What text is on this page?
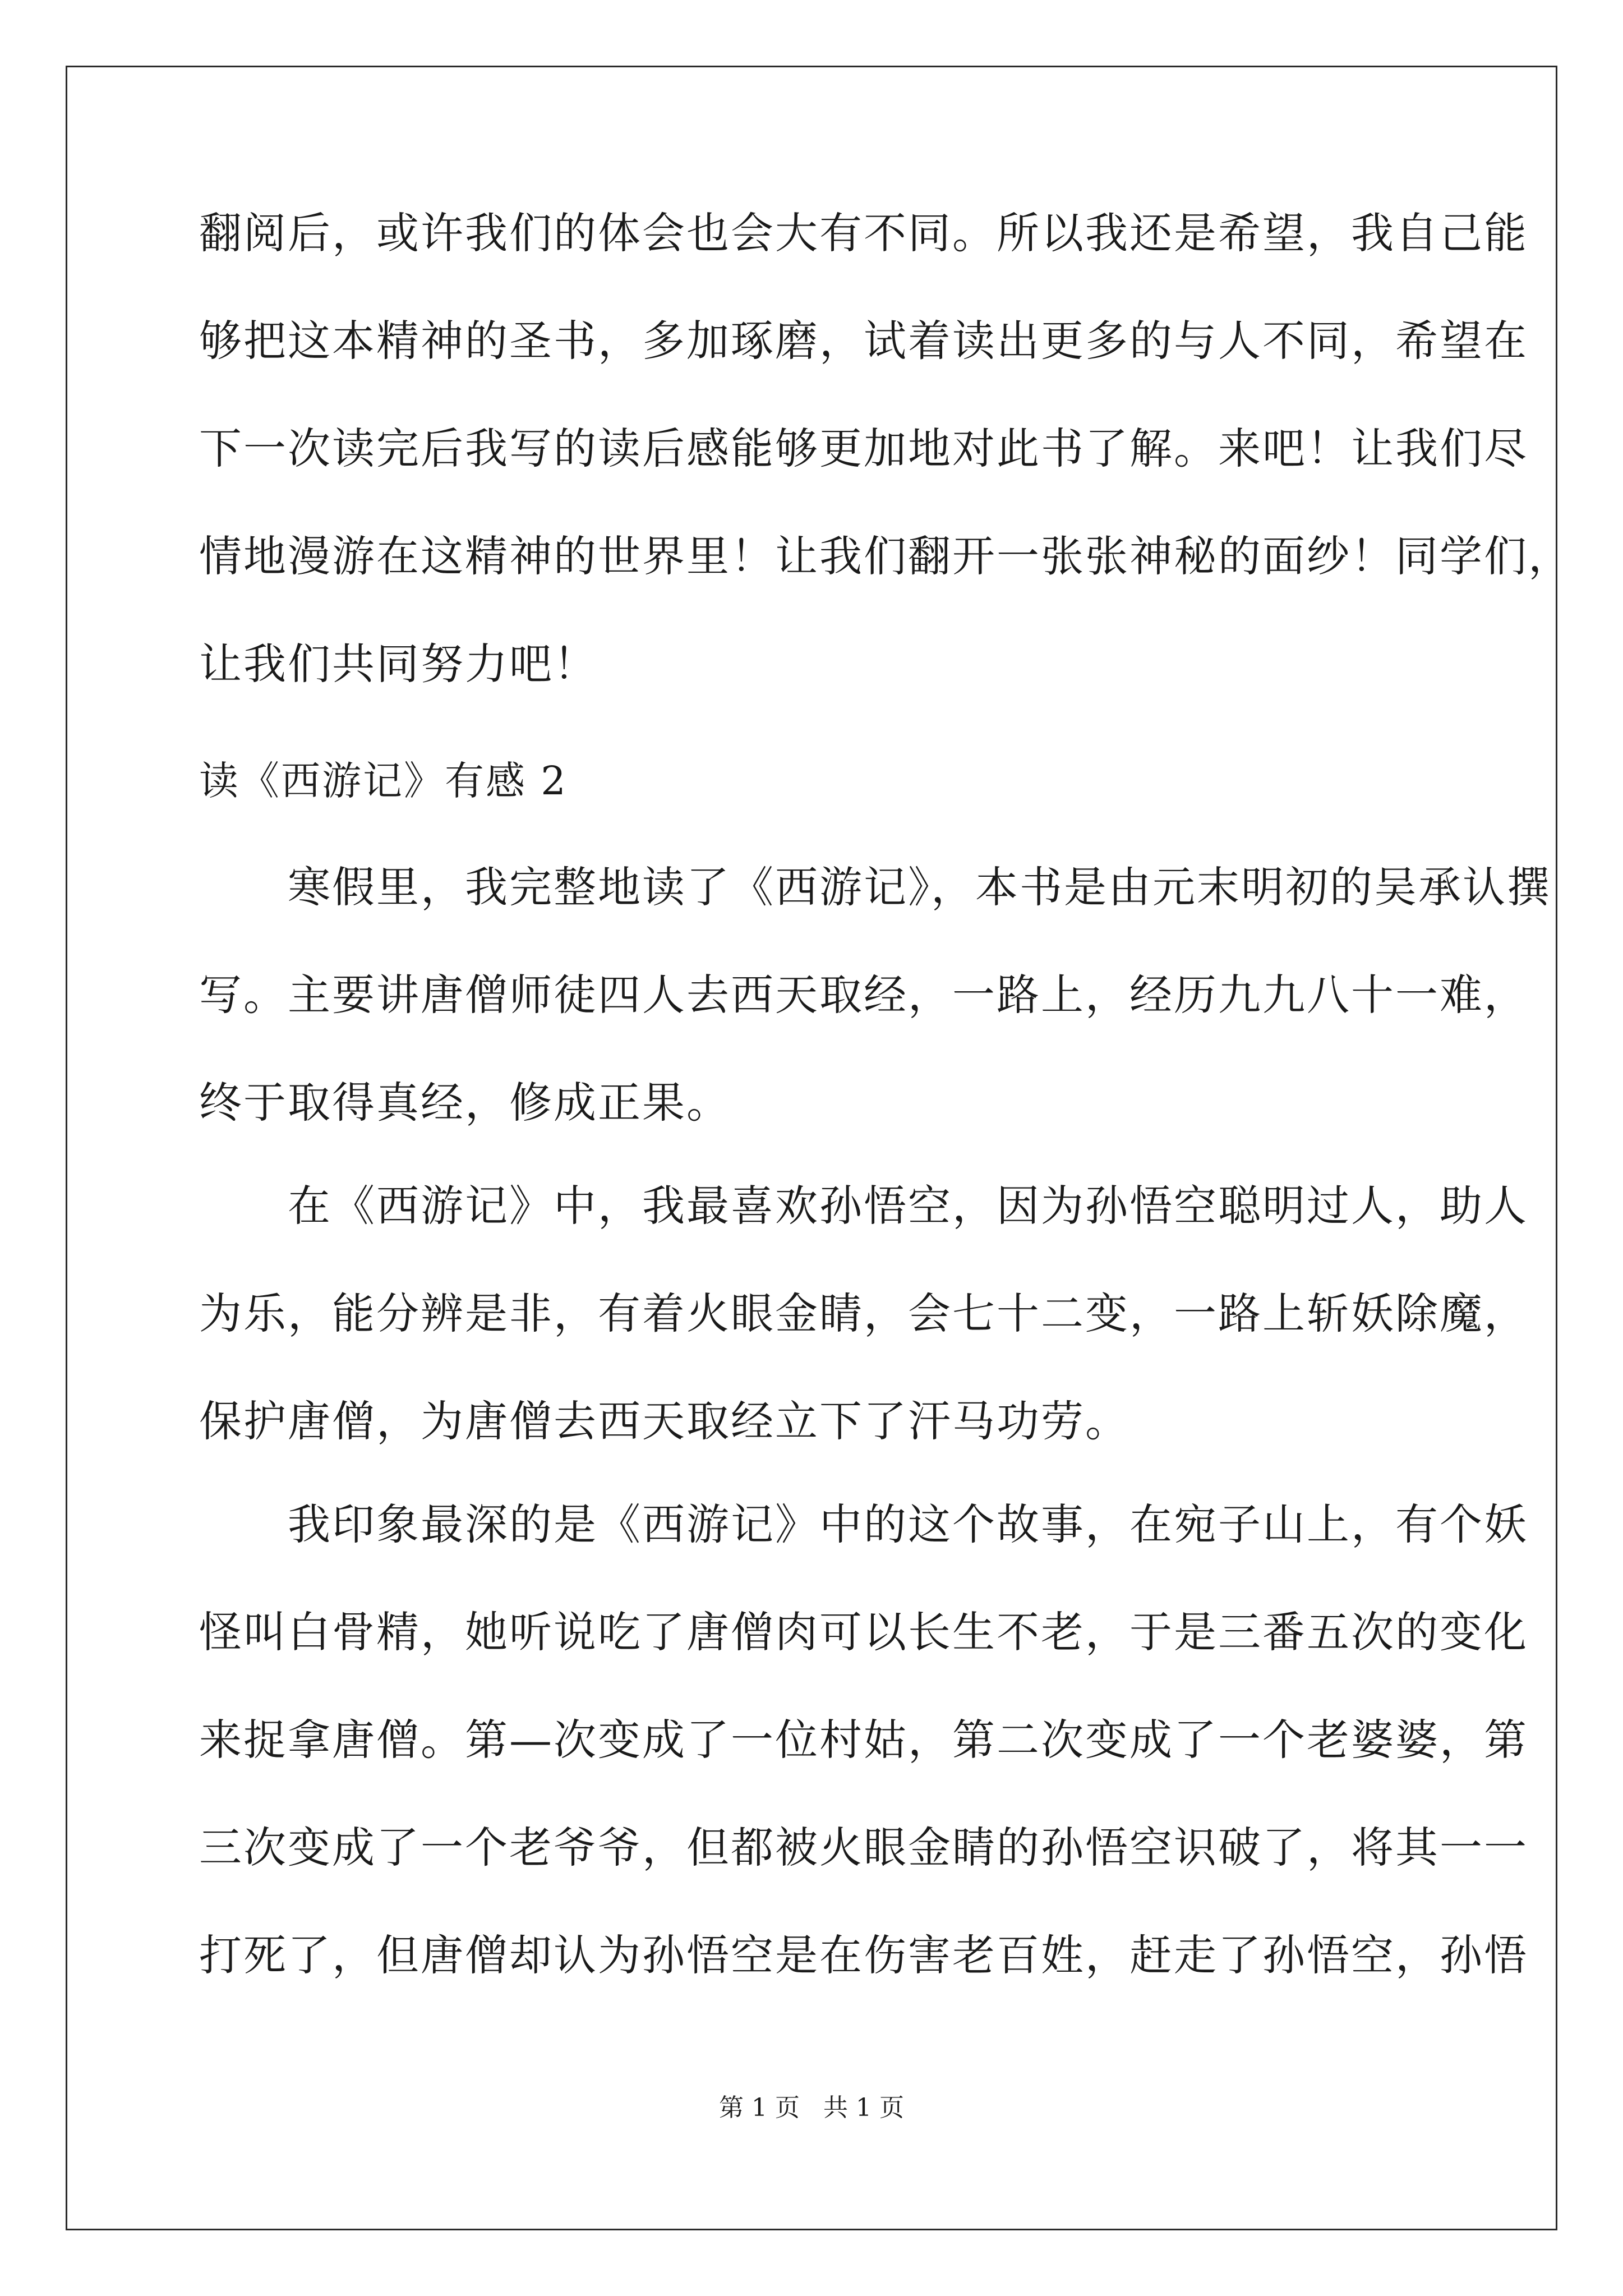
翻阅后，或许我们的体会也会大有不同。所以我还是希望，我自己能

够把这本精神的圣书，多加琢磨，试着读出更多的与人不同，希望在

下一次读完后我写的读后感能够更加地对此书了解。来吧！让我们尽

情地漫游在这精神的世界里！让我们翻开一张张神秘的面纱！同学们，

让我们共同努力吧！

读《西游记》有感 2

　　寒假里，我完整地读了《西游记》，本书是由元末明初的吴承认撰

写。主要讲唐僧师徒四人去西天取经，一路上，经历九九八十一难，

终于取得真经，修成正果。

　　在《西游记》中，我最喜欢孙悟空，因为孙悟空聪明过人，助人

为乐，能分辨是非，有着火眼金睛，会七十二变，一路上斩妖除魔，

保护唐僧，为唐僧去西天取经立下了汗马功劳。

　　我印象最深的是《西游记》中的这个故事，在宛子山上，有个妖

怪叫白骨精，她听说吃了唐僧肉可以长生不老，于是三番五次的变化

来捉拿唐僧。第—次变成了一位村姑，第二次变成了一个老婆婆，第

三次变成了一个老爷爷，但都被火眼金睛的孙悟空识破了，将其一一

打死了，但唐僧却认为孙悟空是在伤害老百姓，赶走了孙悟空，孙悟

第 1 页   共 1 页
